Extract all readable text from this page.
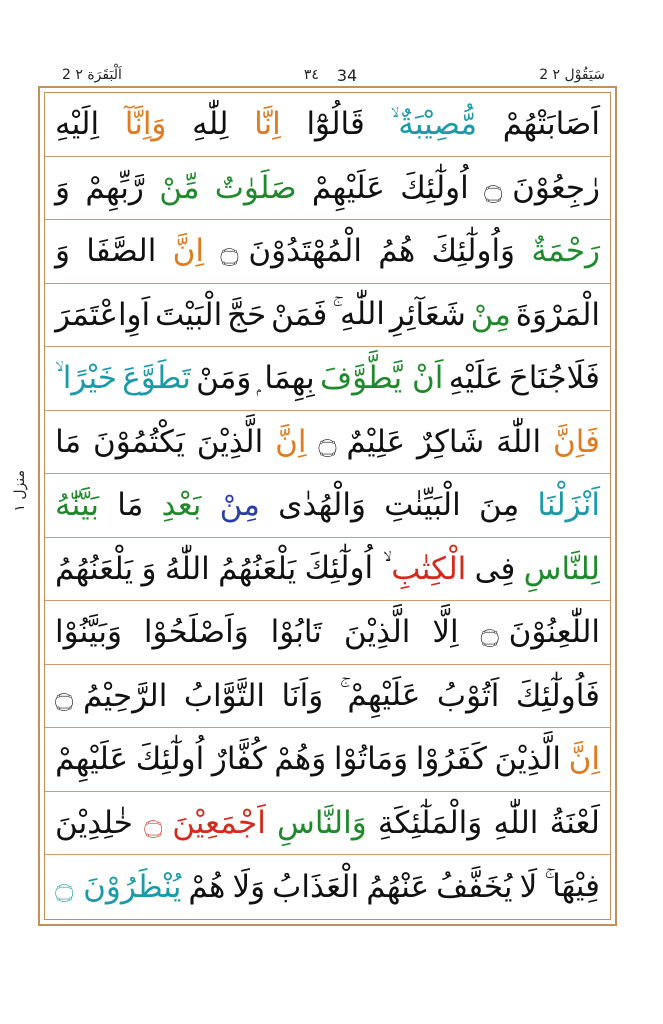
2 اَلْبَقَرَة ٢	٣٤ 34	2 سَيَقُوْل ٢
اَصَابَتْهُمْ
مُّصِيْبَةٌ ۙ
قَالُوْٓا
اِنَّا
لِلّٰهِ
وَاِنَّآ
اِلَيْهِ
رٰجِعُوْنَ ۝
اُولٰٓئِكَ
عَلَيْهِمْ
صَلَوٰتٌ
مِّنْ
رَّبِّهِمْ
وَ
رَحْمَةٌ
وَاُولٰٓئِكَ
هُمُ
الْمُهْتَدُوْنَ ۝
اِنَّ
الصَّفَا
وَ
الْمَرْوَةَ
مِنْ
شَعَآئِرِ
اللّٰهِ ۚ
فَمَنْ
حَجَّ
الْبَيْتَ
اَوِاعْتَمَرَ
فَلَاجُنَاحَ
عَلَيْهِ
اَنْ يَّطَّوَّفَ
بِهِمَا ۭ
وَمَنْ
تَطَوَّعَ
خَيْرًا ۙ
فَاِنَّ
اللّٰهَ
شَاكِرٌ
عَلِيْمٌ ۝
اِنَّ
الَّذِيْنَ
يَكْتُمُوْنَ
مَا
اَنْزَلْنَا
مِنَ
الْبَيِّنٰتِ
وَالْهُدٰى
مِنْ
بَعْدِ
مَا
بَيَّنّٰهُ
لِلنَّاسِ
فِى
الْكِتٰبِ
ۙ اُولٰٓئِكَ
يَلْعَنُهُمُ
اللّٰهُ
وَ
يَلْعَنُهُمُ
اللّٰعِنُوْنَ ۝
اِلَّا
الَّذِيْنَ
تَابُوْا
وَاَصْلَحُوْا
وَبَيَّنُوْا
فَاُولٰٓئِكَ
اَتُوْبُ
عَلَيْهِمْ ۚ
وَاَنَا
التَّوَّابُ
الرَّحِيْمُ ۝
اِنَّ
الَّذِيْنَ
كَفَرُوْا
وَمَاتُوْا
وَهُمْ
كُفَّارٌ
اُولٰٓئِكَ
عَلَيْهِمْ
لَعْنَةُ
اللّٰهِ
وَالْمَلٰٓئِكَةِ
وَالنَّاسِ
اَجْمَعِيْنَ ۝
خٰلِدِيْنَ
فِيْهَا ۚ
لَا
يُخَفَّفُ
عَنْهُمُ
الْعَذَابُ
وَلَا
هُمْ
يُنْظَرُوْنَ ۝
منزل ١
